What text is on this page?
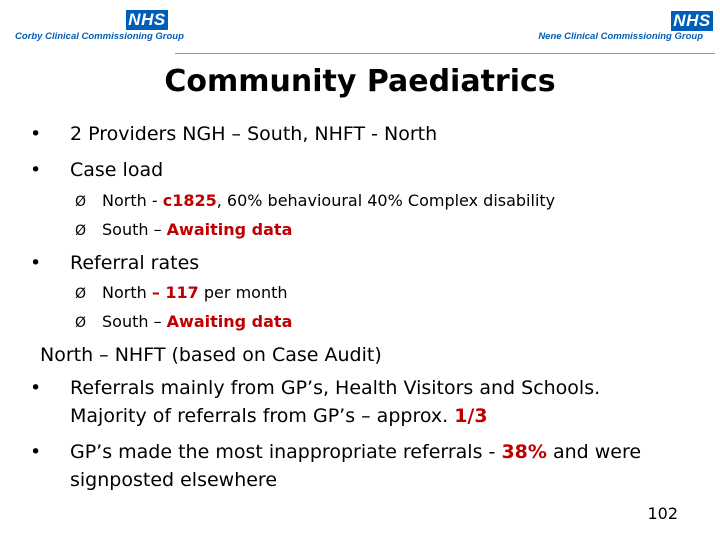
NHS
Corby Clinical Commissioning Group
NHS
Nene Clinical Commissioning Group
Community Paediatrics
• 2 Providers NGH – South, NHFT - North
• Case load
Ø North - c1825, 60% behavioural 40% Complex disability
Ø South – Awaiting data
• Referral rates
Ø North – 117 per month
Ø South – Awaiting data
North – NHFT (based on Case Audit)
• Referrals mainly from GP’s, Health Visitors and Schools.
Majority of referrals from GP’s – approx. 1/3
• GP’s made the most inappropriate referrals - 38% and were
signposted elsewhere
102
